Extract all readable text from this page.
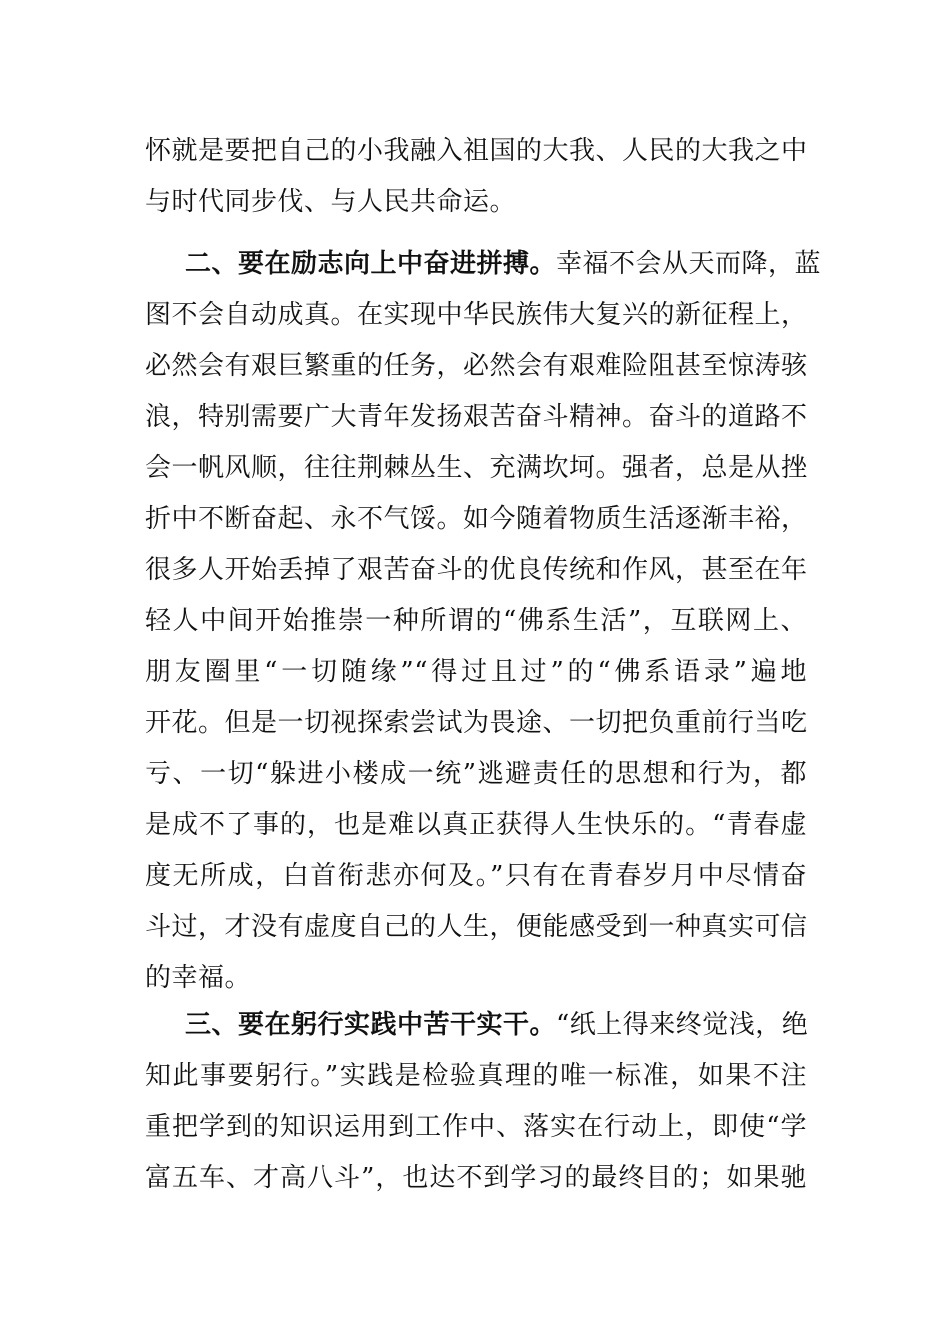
怀就是要把自己的小我融入祖国的大我、人民的大我之中
与时代同步伐、与人民共命运。
二、要在励志向上中奋进拼搏。幸福不会从天而降，蓝
图不会自动成真。在实现中华民族伟大复兴的新征程上，
必然会有艰巨繁重的任务，必然会有艰难险阻甚至惊涛骇
浪，特别需要广大青年发扬艰苦奋斗精神。奋斗的道路不
会一帆风顺，往往荆棘丛生、充满坎坷。强者，总是从挫
折中不断奋起、永不气馁。如今随着物质生活逐渐丰裕，
很多人开始丢掉了艰苦奋斗的优良传统和作风，甚至在年
轻人中间开始推崇一种所谓的“佛系生活”，互联网上、
朋友圈里“一切随缘”“得过且过”的“佛系语录”遍地
开花。但是一切视探索尝试为畏途、一切把负重前行当吃
亏、一切“躲进小楼成一统”逃避责任的思想和行为，都
是成不了事的，也是难以真正获得人生快乐的。“青春虚
度无所成，白首衔悲亦何及。”只有在青春岁月中尽情奋
斗过，才没有虚度自己的人生，便能感受到一种真实可信
的幸福。
三、要在躬行实践中苦干实干。“纸上得来终觉浅，绝
知此事要躬行。”实践是检验真理的唯一标准，如果不注
重把学到的知识运用到工作中、落实在行动上，即使“学
富五车、才高八斗”，也达不到学习的最终目的；如果驰
